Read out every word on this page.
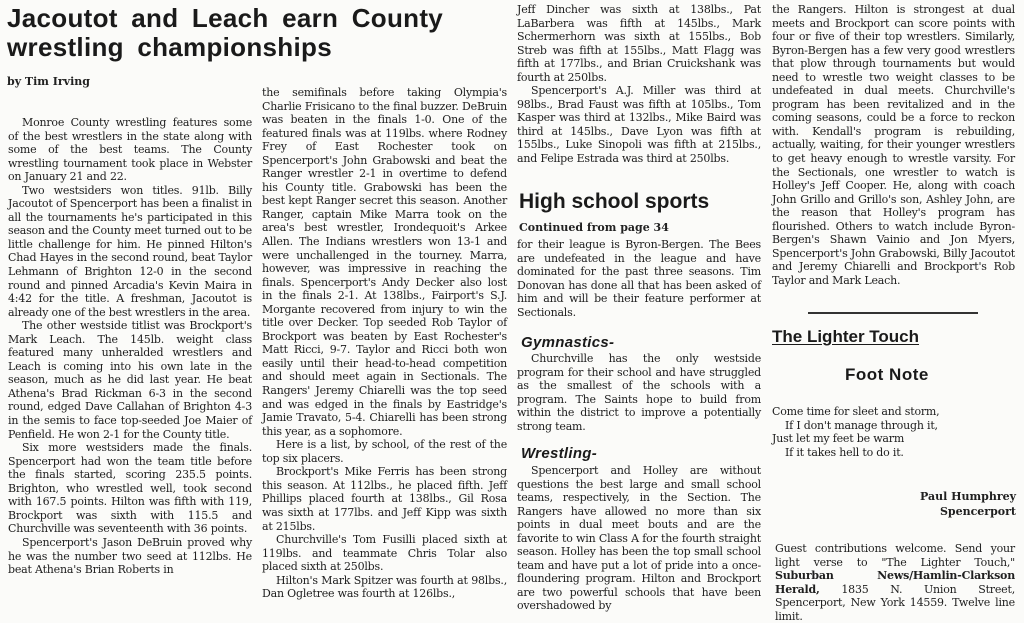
Jacoutot and Leach earn County wrestling championships
by Tim Irving

Monroe County wrestling features some of the best wrestlers in the state along with some of the best teams. The County wrestling tournament took place in Webster on January 21 and 22.

Two westsiders won titles. 91lb. Billy Jacoutot of Spencerport has been a finalist in all the tournaments he's participated in this season and the County meet turned out to be little challenge for him. He pinned Hilton's Chad Hayes in the second round, beat Taylor Lehmann of Brighton 12-0 in the second round and pinned Arcadia's Kevin Maira in 4:42 for the title. A freshman, Jacoutot is already one of the best wrestlers in the area.

The other westside titlist was Brockport's Mark Leach. The 145lb. weight class featured many unheralded wrestlers and Leach is coming into his own late in the season, much as he did last year. He beat Athena's Brad Rickman 6-3 in the second round, edged Dave Callahan of Brighton 4-3 in the semis to face top-seeded Joe Maier of Penfield. He won 2-1 for the County title.

Six more westsiders made the finals. Spencerport had won the team title before the finals started, scoring 235.5 points. Brighton, who wrestled well, took second with 167.5 points. Hilton was fifth with 119, Brockport was sixth with 115.5 and Churchville was seventeenth with 36 points.

Spencerport's Jason DeBruin proved why he was the number two seed at 112lbs. He beat Athena's Brian Roberts in

the semifinals before taking Olympia's Charlie Frisicano to the final buzzer. DeBruin was beaten in the finals 1-0. One of the featured finals was at 119lbs. where Rodney Frey of East Rochester took on Spencerport's John Grabowski and beat the Ranger wrestler 2-1 in overtime to defend his County title. Grabowski has been the best kept Ranger secret this season. Another Ranger, captain Mike Marra took on the area's best wrestler, Irondequoit's Arkee Allen. The Indians wrestlers won 13-1 and were unchallenged in the tourney. Marra, however, was impressive in reaching the finals. Spencerport's Andy Decker also lost in the finals 2-1. At 138lbs., Fairport's S.J. Morgante recovered from injury to win the title over Decker. Top seeded Rob Taylor of Brockport was beaten by East Rochester's Matt Ricci, 9-7. Taylor and Ricci both won easily until their head-to-head competition and should meet again in Sectionals. The Rangers' Jeremy Chiarelli was the top seed and was edged in the finals by Eastridge's Jamie Travato, 5-4. Chiarelli has been strong this year, as a sophomore.

Here is a list, by school, of the rest of the top six placers.

Brockport's Mike Ferris has been strong this season. At 112lbs., he placed fifth. Jeff Phillips placed fourth at 138lbs., Gil Rosa was sixth at 177lbs. and Jeff Kipp was sixth at 215lbs.

Churchville's Tom Fusilli placed sixth at 119lbs. and teammate Chris Tolar also placed sixth at 250lbs.

Hilton's Mark Spitzer was fourth at 98lbs., Dan Ogletree was fourth at 126lbs.,

Jeff Dincher was sixth at 138lbs., Pat LaBarbera was fifth at 145lbs., Mark Schermerhorn was sixth at 155lbs., Bob Streb was fifth at 155lbs., Matt Flagg was fifth at 177lbs., and Brian Cruickshank was fourth at 250lbs.

Spencerport's A.J. Miller was third at 98lbs., Brad Faust was fifth at 105lbs., Tom Kasper was third at 132lbs., Mike Baird was third at 145lbs., Dave Lyon was fifth at 155lbs., Luke Sinopoli was fifth at 215lbs., and Felipe Estrada was third at 250lbs.

High school sports
Continued from page 34

for their league is Byron-Bergen. The Bees are undefeated in the league and have dominated for the past three seasons. Tim Donovan has done all that has been asked of him and will be their feature performer at Sectionals.

Gymnastics-

Churchville has the only westside program for their school and have struggled as the smallest of the schools with a program. The Saints hope to build from within the district to improve a potentially strong team.

Wrestling-

Spencerport and Holley are without questions the best large and small school teams, respectively, in the Section. The Rangers have allowed no more than six points in dual meet bouts and are the favorite to win Class A for the fourth straight season. Holley has been the top small school team and have put a lot of pride into a once-floundering program. Hilton and Brockport are two powerful schools that have been overshadowed by

the Rangers. Hilton is strongest at dual meets and Brockport can score points with four or five of their top wrestlers. Similarly, Byron-Bergen has a few very good wrestlers that plow through tournaments but would need to wrestle two weight classes to be undefeated in dual meets. Churchville's program has been revitalized and in the coming seasons, could be a force to reckon with. Kendall's program is rebuilding, actually, waiting, for their younger wrestlers to get heavy enough to wrestle varsity. For the Sectionals, one wrestler to watch is Holley's Jeff Cooper. He, along with coach John Grillo and Grillo's son, Ashley John, are the reason that Holley's program has flourished. Others to watch include Byron-Bergen's Shawn Vainio and Jon Myers, Spencerport's John Grabowski, Billy Jacoutot and Jeremy Chiarelli and Brockport's Rob Taylor and Mark Leach.

The Lighter Touch
Foot Note
Come time for sleet and storm,
If I don't manage through it,
Just let my feet be warm
If it takes hell to do it.
Paul Humphrey
Spencerport
Guest contributions welcome. Send your light verse to "The Lighter Touch," Suburban News/Hamlin-Clarkson Herald, 1835 N. Union Street, Spencerport, New York 14559. Twelve line limit.
